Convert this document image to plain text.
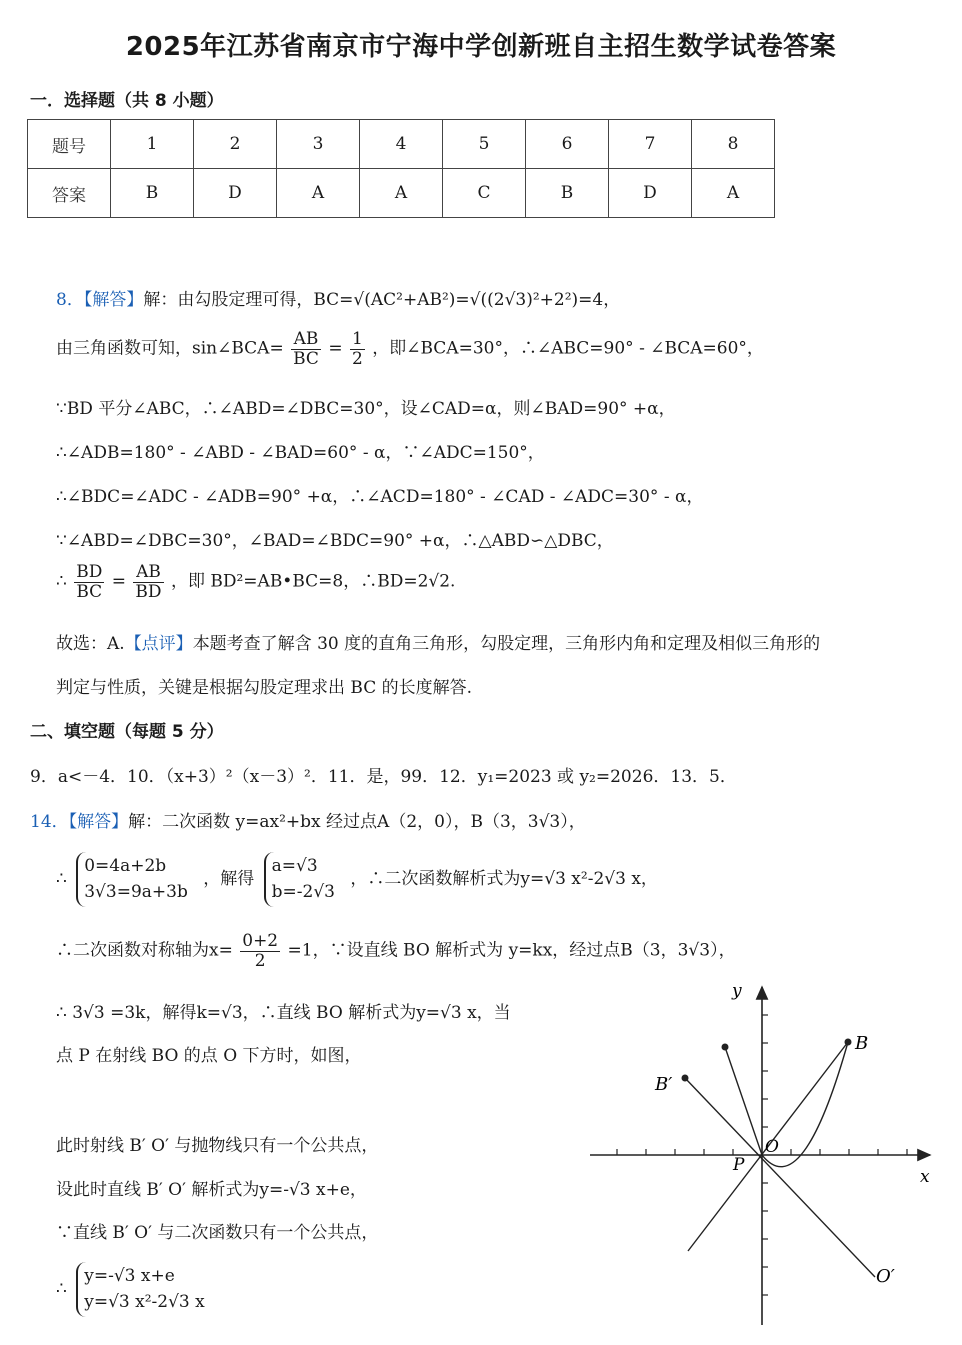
2025年江苏省南京市宁海中学创新班自主招生数学试卷答案
一．选择题（共 8 小题）
题号	1	2	3	4	5	6	7	8
答案	B	D	A	A	C	B	D	A
8．【解答】解：由勾股定理可得，BC=√(AC²+AB²)=√((2√3)²+2²)=4，
由三角函数可知，sin∠BCA= $\frac{AB}{BC} = \frac{1}{2}$ ，即∠BCA=30°，∴∠ABC=90° - ∠BCA=60°，
∵BD 平分∠ABC，∴∠ABD=∠DBC=30°，设∠CAD=α，则∠BAD=90° +α，
∴∠ADB=180° - ∠ABD - ∠BAD=60° - α，∵∠ADC=150°，
∴∠BDC=∠ADC - ∠ADB=90° +α，∴∠ACD=180° - ∠CAD - ∠ADC=30° - α，
∵∠ABD=∠DBC=30°，∠BAD=∠BDC=90° +α，∴△ABD∽△DBC，
∴ $\frac{BD}{BC} = \frac{AB}{BD}$ ，即 BD²=AB•BC=8，∴BD=2√2.
故选：A.【点评】本题考查了解含 30 度的直角三角形，勾股定理，三角形内角和定理及相似三角形的
判定与性质，关键是根据勾股定理求出 BC 的长度解答.
二、填空题（每题 5 分）
9．a<－4．10．（x+3）²（x－3）²．11．是，99．12．y₁=2023 或 y₂=2026．13．5．
14．【解答】解：二次函数 y=ax²+bx 经过点A（2，0），B（3，3√3），
∴
0=4a+2b
3√3=9a+3b
，解得
a=√3
b=-2√3
，∴二次函数解析式为y=√3 x²-2√3 x，
∴二次函数对称轴为$x= \frac{0+2}{2} =1$，∵设直线 BO 解析式为 y=kx，经过点B（3，3√3），
∴ 3√3 =3k，解得k=√3，∴直线 BO 解析式为y=√3 x，当
点 P 在射线 BO 的点 O 下方时，如图，
此时射线 B′ O′ 与抛物线只有一个公共点，
设此时直线 B′ O′ 解析式为y=-√3 x+e，
∵直线 B′ O′ 与二次函数只有一个公共点，
∴
y=-√3 x+e
y=√3 x²-2√3 x
y
x
B
B′
O
P
O′
